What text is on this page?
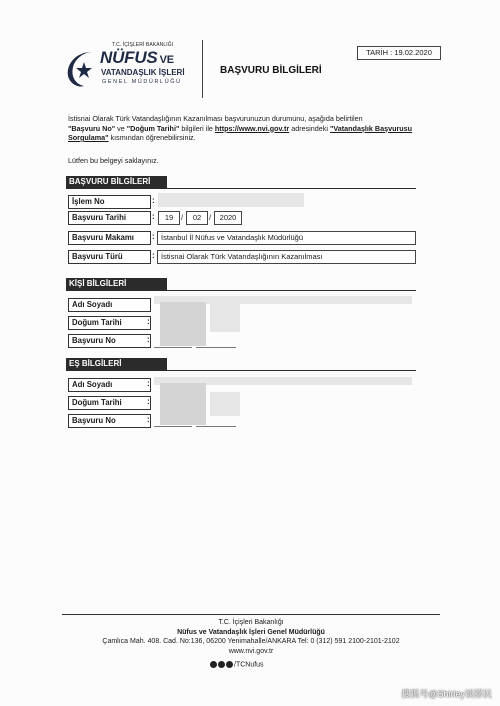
T.C. İÇİŞLERİ BAKANLIĞI
NÜFUS VE
VATANDAŞLIK İŞLERİ
GENEL MÜDÜRLÜĞÜ
BAŞVURU BİLGİLERİ
TARİH : 19.02.2020
İstisnai Olarak Türk Vatandaşlığının Kazanılması başvurunuzun durumunu, aşağıda belirtilen
"Başvuru No" ve "Doğum Tarihi" bilgileri ile https://www.nvi.gov.tr adresindeki "Vatandaşlık Başvurusu Sorgulama" kısmından öğrenebilirsiniz.
Lütfen bu belgeyi saklayınız.
BAŞVURU BİLGİLERİ
İşlem No	:
Başvuru Tarihi	:	19	/	02	/	2020
Başvuru Makamı	: İstanbul İl Nüfus ve Vatandaşlık Müdürlüğü
Başvuru Türü	: İstisnai Olarak Türk Vatandaşlığının Kazanılması
KİŞİ BİLGİLERİ
Adı Soyadı
Doğum Tarihi	:
Başvuru No	:
EŞ BİLGİLERİ
Adı Soyadı	:
Doğum Tarihi	:
Başvuru No	:
T.C. İçişleri Bakanlığı
Nüfus ve Vatandaşlık İşleri Genel Müdürlüğü
Çamlıca Mah. 408. Cad. No:136, 06200 Yenimahalle/ANKARA Tel: 0 (312) 591 2100-2101-2102
www.nvi.gov.tr
/TCNufus
搜狐号@Shirley谈移民
